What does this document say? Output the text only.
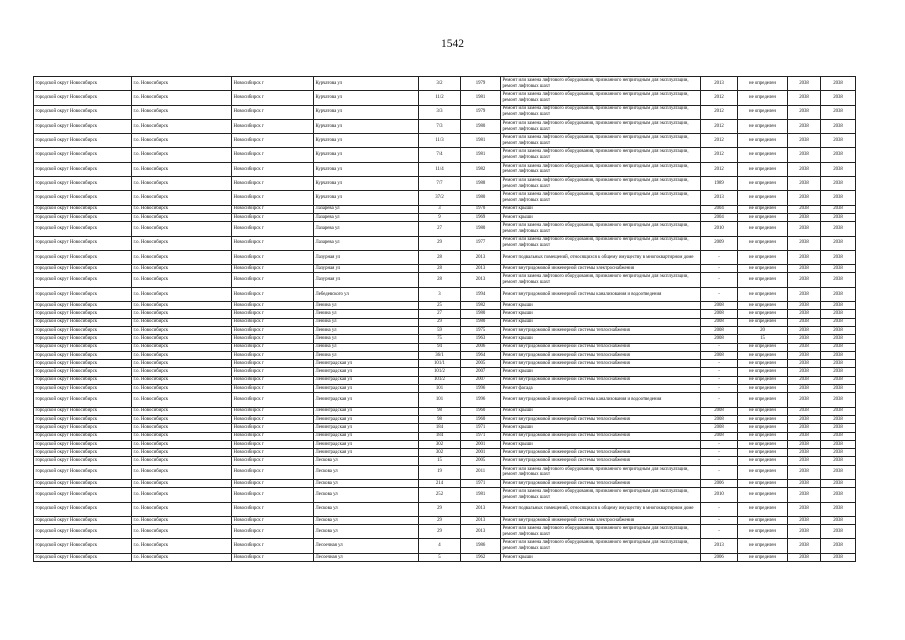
1542
городской округ Новосибирск	г.о. Новосибирск	Новосибирск г	Курчатова ул	3/2	1979	Ремонт или замена лифтового оборудования, признанного непригодным для эксплуатации, ремонт лифтовых шахт	2013	не определен	2038	2038
городской округ Новосибирск	г.о. Новосибирск	Новосибирск г	Курчатова ул	11/2	1981	Ремонт или замена лифтового оборудования, признанного непригодным для эксплуатации, ремонт лифтовых шахт	2012	не определен	2038	2038
городской округ Новосибирск	г.о. Новосибирск	Новосибирск г	Курчатова ул	3/3	1979	Ремонт или замена лифтового оборудования, признанного непригодным для эксплуатации, ремонт лифтовых шахт	2012	не определен	2038	2038
городской округ Новосибирск	г.о. Новосибирск	Новосибирск г	Курчатова ул	7/3	1980	Ремонт или замена лифтового оборудования, признанного непригодным для эксплуатации, ремонт лифтовых шахт	2012	не определен	2038	2038
городской округ Новосибирск	г.о. Новосибирск	Новосибирск г	Курчатова ул	11/3	1981	Ремонт или замена лифтового оборудования, признанного непригодным для эксплуатации, ремонт лифтовых шахт	2012	не определен	2038	2038
городской округ Новосибирск	г.о. Новосибирск	Новосибирск г	Курчатова ул	7/4	1981	Ремонт или замена лифтового оборудования, признанного непригодным для эксплуатации, ремонт лифтовых шахт	2012	не определен	2038	2038
городской округ Новосибирск	г.о. Новосибирск	Новосибирск г	Курчатова ул	11/4	1982	Ремонт или замена лифтового оборудования, признанного непригодным для эксплуатации, ремонт лифтовых шахт	2012	не определен	2038	2038
городской округ Новосибирск	г.о. Новосибирск	Новосибирск г	Курчатова ул	7/7	1988	Ремонт или замена лифтового оборудования, признанного непригодным для эксплуатации, ремонт лифтовых шахт	1989	не определен	2038	2038
городской округ Новосибирск	г.о. Новосибирск	Новосибирск г	Курчатова ул	37/2	1980	Ремонт или замена лифтового оборудования, признанного непригодным для эксплуатации, ремонт лифтовых шахт	2013	не определен	2038	2038
городской округ Новосибирск	г.о. Новосибирск	Новосибирск г	Лазарева ул	3	1970	Ремонт крыши	2004	не определен	2038	2038
городской округ Новосибирск	г.о. Новосибирск	Новосибирск г	Лазарева ул	9	1969	Ремонт крыши	2004	не определен	2038	2038
городской округ Новосибирск	г.о. Новосибирск	Новосибирск г	Лазарева ул	27	1980	Ремонт или замена лифтового оборудования, признанного непригодным для эксплуатации, ремонт лифтовых шахт	2010	не определен	2038	2038
городской округ Новосибирск	г.о. Новосибирск	Новосибирск г	Лазарева ул	29	1977	Ремонт или замена лифтового оборудования, признанного непригодным для эксплуатации, ремонт лифтовых шахт	2009	не определен	2038	2038
городской округ Новосибирск	г.о. Новосибирск	Новосибирск г	Лазурная ул	28	2013	Ремонт подвальных помещений, относящихся к общему имуществу в многоквартирном доме	-	не определен	2038	2038
городской округ Новосибирск	г.о. Новосибирск	Новосибирск г	Лазурная ул	28	2013	Ремонт внутридомовой инженерной системы электроснабжения	-	не определен	2038	2038
городской округ Новосибирск	г.о. Новосибирск	Новосибирск г	Лазурная ул	28	2013	Ремонт или замена лифтового оборудования, признанного непригодным для эксплуатации, ремонт лифтовых шахт	-	не определен	2038	2038
городской округ Новосибирск	г.о. Новосибирск	Новосибирск г	Лебедевского ул	3	1994	Ремонт внутридомовой инженерной системы канализования и водоотведения	-	не определен	2038	2038
городской округ Новосибирск	г.о. Новосибирск	Новосибирск г	Ленина ул	25	1982	Ремонт крыши	2008	не определен	2038	2038
городской округ Новосибирск	г.о. Новосибирск	Новосибирск г	Ленина ул	27	1980	Ремонт крыши	2008	не определен	2038	2038
городской округ Новосибирск	г.о. Новосибирск	Новосибирск г	Ленина ул	29	1980	Ремонт крыши	2008	не определен	2038	2038
городской округ Новосибирск	г.о. Новосибирск	Новосибирск г	Ленина ул	59	1975	Ремонт внутридомовой инженерной системы теплоснабжения	2008	20	2038	2038
городской округ Новосибирск	г.о. Новосибирск	Новосибирск г	Ленина ул	75	1963	Ремонт крыши	2008	15	2038	2038
городской округ Новосибирск	г.о. Новосибирск	Новосибирск г	Ленина ул	94	2006	Ремонт внутридомовой инженерной системы теплоснабжения	-	не определен	2038	2038
городской округ Новосибирск	г.о. Новосибирск	Новосибирск г	Ленина ул	36/1	1964	Ремонт внутридомовой инженерной системы теплоснабжения	2008	не определен	2038	2038
городской округ Новосибирск	г.о. Новосибирск	Новосибирск г	Ленинградская ул	101/1	2005	Ремонт внутридомовой инженерной системы теплоснабжения	-	не определен	2038	2038
городской округ Новосибирск	г.о. Новосибирск	Новосибирск г	Ленинградская ул	101/2	2007	Ремонт крыши	-	не определен	2038	2038
городской округ Новосибирск	г.о. Новосибирск	Новосибирск г	Ленинградская ул	101/2	2007	Ремонт внутридомовой инженерной системы теплоснабжения	-	не определен	2038	2038
городской округ Новосибирск	г.о. Новосибирск	Новосибирск г	Ленинградская ул	101	1996	Ремонт фасада	-	не определен	2038	2038
городской округ Новосибирск	г.о. Новосибирск	Новосибирск г	Ленинградская ул	101	1996	Ремонт внутридомовой инженерной системы канализования и водоотведения	-	не определен	2038	2038
городской округ Новосибирск	г.о. Новосибирск	Новосибирск г	Ленинградская ул	98	1960	Ремонт крыши	2008	не определен	2038	2038
городской округ Новосибирск	г.о. Новосибирск	Новосибирск г	Ленинградская ул	98	1960	Ремонт внутридомовой инженерной системы теплоснабжения	2008	не определен	2038	2038
городской округ Новосибирск	г.о. Новосибирск	Новосибирск г	Ленинградская ул	184	1971	Ремонт крыши	2008	не определен	2038	2038
городской округ Новосибирск	г.о. Новосибирск	Новосибирск г	Ленинградская ул	184	1971	Ремонт внутридомовой инженерной системы теплоснабжения	2008	не определен	2038	2038
городской округ Новосибирск	г.о. Новосибирск	Новосибирск г	Ленинградская ул	302	2001	Ремонт крыши	-	не определен	2038	2038
городской округ Новосибирск	г.о. Новосибирск	Новосибирск г	Ленинградская ул	302	2001	Ремонт внутридомовой инженерной системы теплоснабжения	-	не определен	2038	2038
городской округ Новосибирск	г.о. Новосибирск	Новосибирск г	Лескова ул	15	2005	Ремонт внутридомовой инженерной системы теплоснабжения	-	не определен	2038	2038
городской округ Новосибирск	г.о. Новосибирск	Новосибирск г	Лескова ул	19	2011	Ремонт или замена лифтового оборудования, признанного непригодным для эксплуатации, ремонт лифтовых шахт	-	не определен	2038	2038
городской округ Новосибирск	г.о. Новосибирск	Новосибирск г	Лескова ул	214	1971	Ремонт внутридомовой инженерной системы теплоснабжения	2006	не определен	2038	2038
городской округ Новосибирск	г.о. Новосибирск	Новосибирск г	Лескова ул	252	1981	Ремонт или замена лифтового оборудования, признанного непригодным для эксплуатации, ремонт лифтовых шахт	2010	не определен	2038	2038
городской округ Новосибирск	г.о. Новосибирск	Новосибирск г	Лескова ул	29	2013	Ремонт подвальных помещений, относящихся к общему имуществу в многоквартирном доме	-	не определен	2038	2038
городской округ Новосибирск	г.о. Новосибирск	Новосибирск г	Лескова ул	29	2013	Ремонт внутридомовой инженерной системы электроснабжения	-	не определен	2038	2038
городской округ Новосибирск	г.о. Новосибирск	Новосибирск г	Лескова ул	29	2013	Ремонт или замена лифтового оборудования, признанного непригодным для эксплуатации, ремонт лифтовых шахт	-	не определен	2038	2038
городской округ Новосибирск	г.о. Новосибирск	Новосибирск г	Лесоечная ул	4	1986	Ремонт или замена лифтового оборудования, признанного непригодным для эксплуатации, ремонт лифтовых шахт	2013	не определен	2038	2038
городской округ Новосибирск	г.о. Новосибирск	Новосибирск г	Лесоечная ул	5	1962	Ремонт крыши	2006	не определен	2038	2038
